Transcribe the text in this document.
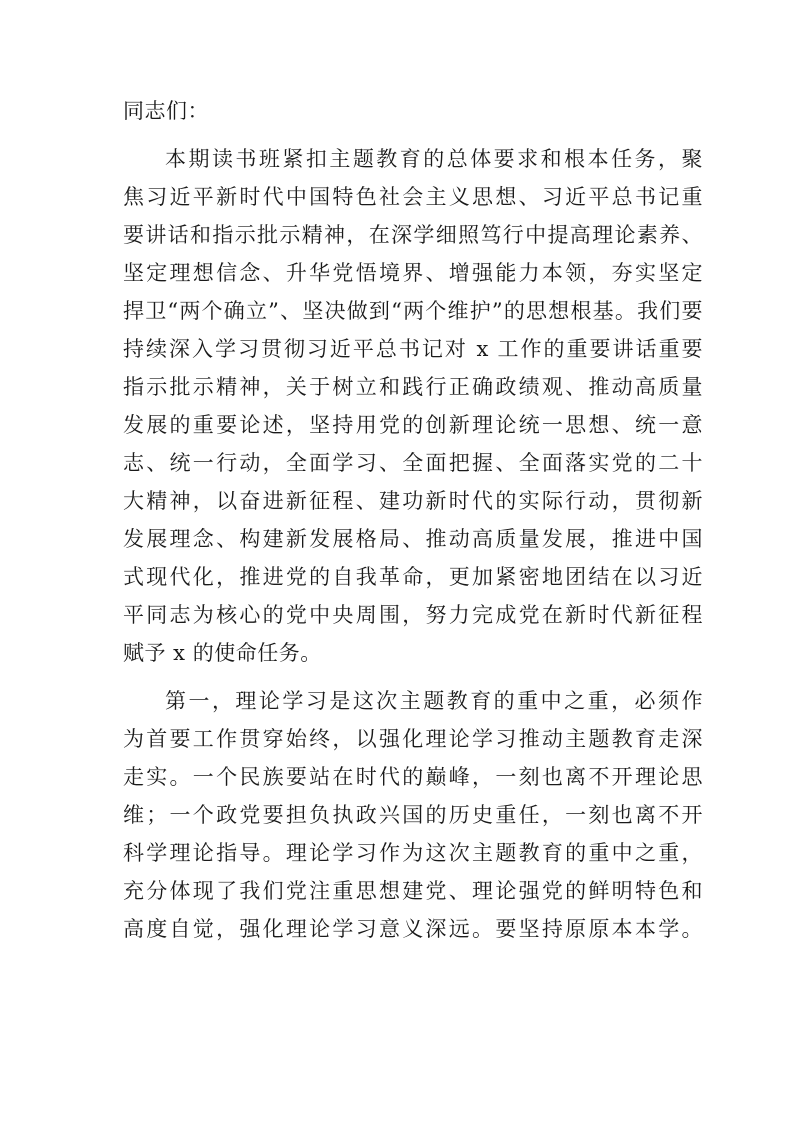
同志们：
本期读书班紧扣主题教育的总体要求和根本任务，聚
焦习近平新时代中国特色社会主义思想、习近平总书记重
要讲话和指示批示精神，在深学细照笃行中提高理论素养、
坚定理想信念、升华党悟境界、增强能力本领，夯实坚定
捍卫“两个确立”、坚决做到“两个维护”的思想根基。我们要
持续深入学习贯彻习近平总书记对 x 工作的重要讲话重要
指示批示精神，关于树立和践行正确政绩观、推动高质量
发展的重要论述，坚持用党的创新理论统一思想、统一意
志、统一行动，全面学习、全面把握、全面落实党的二十
大精神，以奋进新征程、建功新时代的实际行动，贯彻新
发展理念、构建新发展格局、推动高质量发展，推进中国
式现代化，推进党的自我革命，更加紧密地团结在以习近
平同志为核心的党中央周围，努力完成党在新时代新征程
赋予 x 的使命任务。
第一，理论学习是这次主题教育的重中之重，必须作
为首要工作贯穿始终，以强化理论学习推动主题教育走深
走实。一个民族要站在时代的巅峰，一刻也离不开理论思
维；一个政党要担负执政兴国的历史重任，一刻也离不开
科学理论指导。理论学习作为这次主题教育的重中之重，
充分体现了我们党注重思想建党、理论强党的鲜明特色和
高度自觉，强化理论学习意义深远。要坚持原原本本学。
